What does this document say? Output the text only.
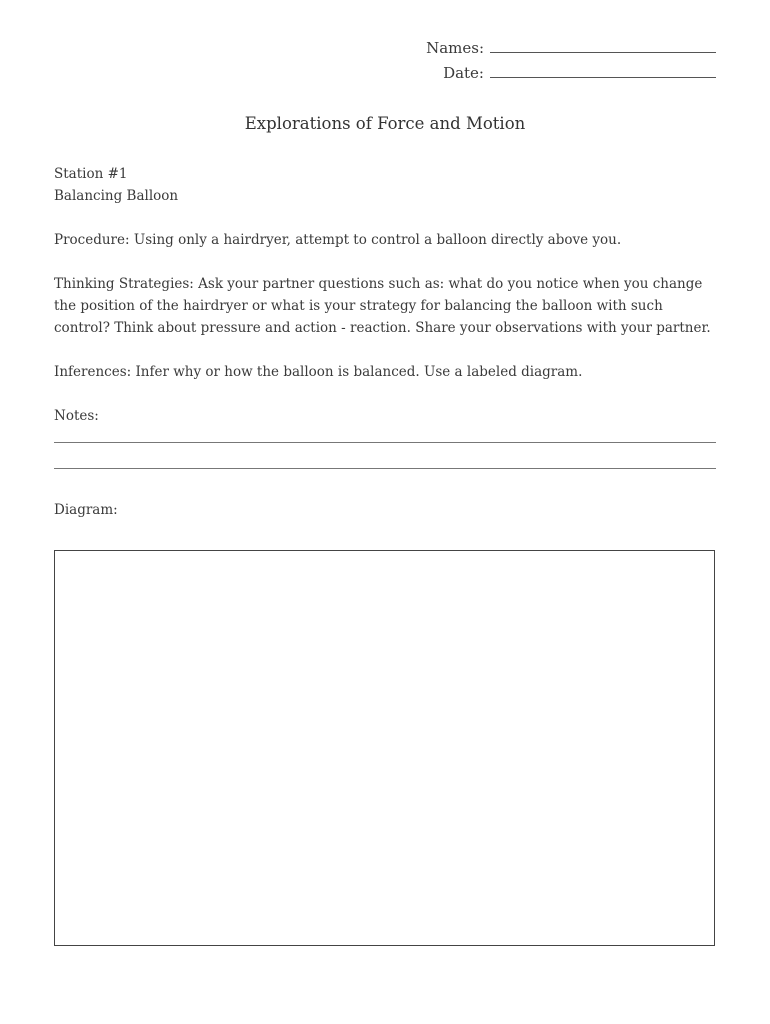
Names:
Date:
Explorations of Force and Motion

Station #1

Balancing Balloon

Procedure: Using only a hairdryer, attempt to control a balloon directly above you.

Thinking Strategies: Ask your partner questions such as: what do you notice when you change the position of the hairdryer or what is your strategy for balancing the balloon with such control? Think about pressure and action - reaction. Share your observations with your partner.

Inferences: Infer why or how the balloon is balanced. Use a labeled diagram.

Notes:

Diagram:
